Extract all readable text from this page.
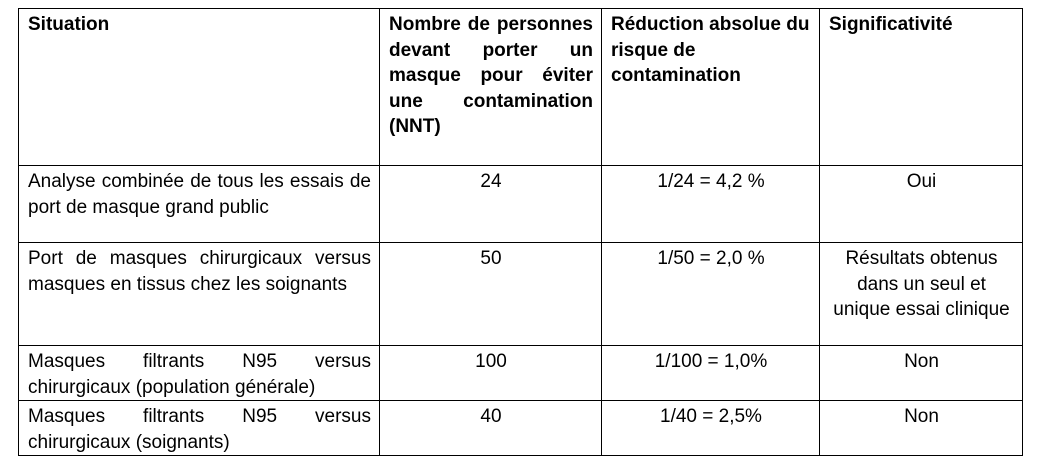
Situation	Nombre de personnes devant porter un masque pour éviter une contamination (NNT)	Réduction absolue du risque de contamination	Significativité
Analyse combinée de tous les essais de port de masque grand public	24	1/24 = 4,2 %	Oui
Port de masques chirurgicaux versus masques en tissus chez les soignants	50	1/50 = 2,0 %	Résultats obtenus dans un seul et unique essai clinique
Masques filtrants N95 versus chirurgicaux (population générale)	100	1/100 = 1,0%	Non
Masques filtrants N95 versus chirurgicaux (soignants)	40	1/40 = 2,5%	Non
